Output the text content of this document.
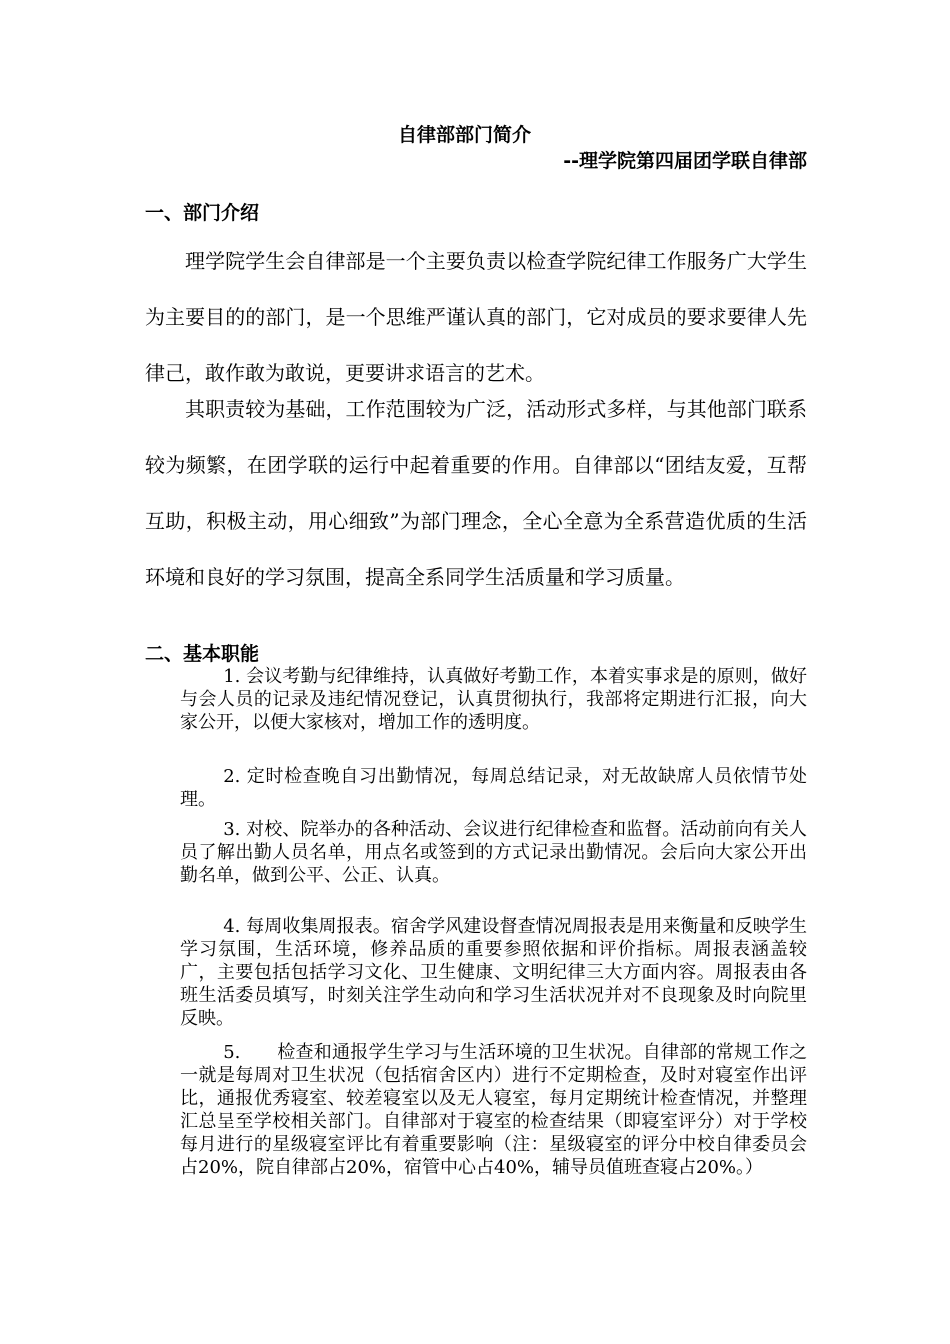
自律部部门简介
--理学院第四届团学联自律部
一、部门介绍

理学院学生会自律部是一个主要负责以检查学院纪律工作服务广大学生为主要目的的部门，是一个思维严谨认真的部门，它对成员的要求要律人先律己，敢作敢为敢说，更要讲求语言的艺术。

其职责较为基础，工作范围较为广泛，活动形式多样，与其他部门联系较为频繁，在团学联的运行中起着重要的作用。自律部以“团结友爱，互帮互助，积极主动，用心细致”为部门理念，全心全意为全系营造优质的生活环境和良好的学习氛围，提高全系同学生活质量和学习质量。

二、基本职能

1. 会议考勤与纪律维持，认真做好考勤工作，本着实事求是的原则，做好与会人员的记录及违纪情况登记，认真贯彻执行，我部将定期进行汇报，向大家公开，以便大家核对，增加工作的透明度。

2. 定时检查晚自习出勤情况，每周总结记录，对无故缺席人员依情节处理。

3. 对校、院举办的各种活动、会议进行纪律检查和监督。活动前向有关人员了解出勤人员名单，用点名或签到的方式记录出勤情况。会后向大家公开出勤名单，做到公平、公正、认真。

4. 每周收集周报表。宿舍学风建设督查情况周报表是用来衡量和反映学生学习氛围，生活环境，修养品质的重要参照依据和评价指标。周报表涵盖较广，主要包括包括学习文化、卫生健康、文明纪律三大方面内容。周报表由各班生活委员填写，时刻关注学生动向和学习生活状况并对不良现象及时向院里反映。

5.　　检查和通报学生学习与生活环境的卫生状况。自律部的常规工作之一就是每周对卫生状况（包括宿舍区内）进行不定期检查，及时对寝室作出评比，通报优秀寝室、较差寝室以及无人寝室，每月定期统计检查情况，并整理汇总呈至学校相关部门。自律部对于寝室的检查结果（即寝室评分）对于学校每月进行的星级寝室评比有着重要影响（注：星级寝室的评分中校自律委员会占20%，院自律部占20%，宿管中心占40%，辅导员值班查寝占20%。）
